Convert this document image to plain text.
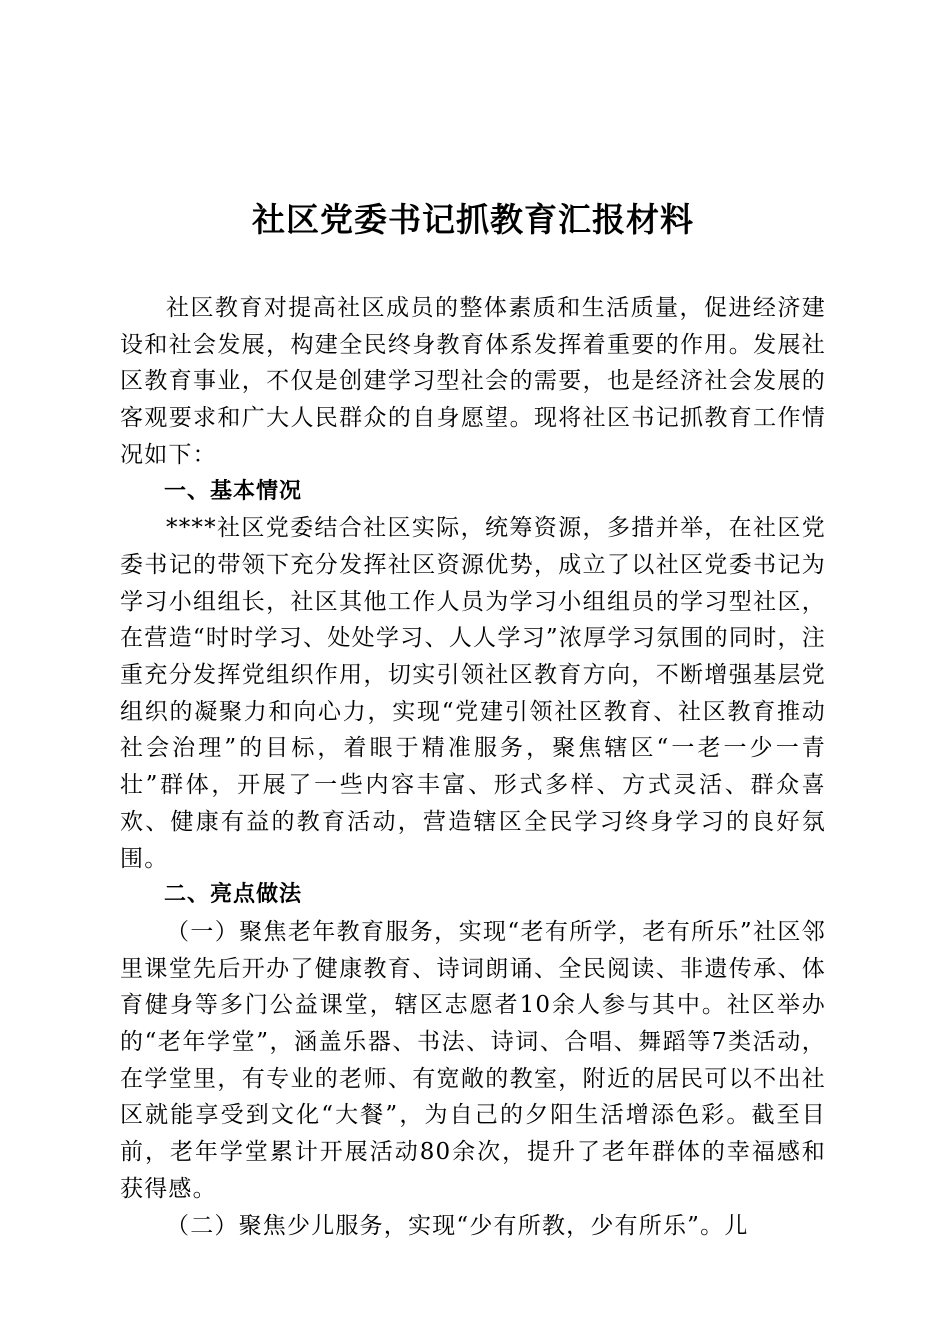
社区党委书记抓教育汇报材料

社区教育对提高社区成员的整体素质和生活质量，促进经济建设和社会发展，构建全民终身教育体系发挥着重要的作用。发展社区教育事业，不仅是创建学习型社会的需要，也是经济社会发展的客观要求和广大人民群众的自身愿望。现将社区书记抓教育工作情况如下：

一、基本情况

****社区党委结合社区实际，统筹资源，多措并举，在社区党委书记的带领下充分发挥社区资源优势，成立了以社区党委书记为学习小组组长，社区其他工作人员为学习小组组员的学习型社区，在营造“时时学习、处处学习、人人学习”浓厚学习氛围的同时，注重充分发挥党组织作用，切实引领社区教育方向，不断增强基层党组织的凝聚力和向心力，实现“党建引领社区教育、社区教育推动社会治理”的目标，着眼于精准服务，聚焦辖区“一老一少一青壮”群体，开展了一些内容丰富、形式多样、方式灵活、群众喜欢、健康有益的教育活动，营造辖区全民学习终身学习的良好氛围。

二、亮点做法

（一）聚焦老年教育服务，实现“老有所学，老有所乐”社区邻里课堂先后开办了健康教育、诗词朗诵、全民阅读、非遗传承、体育健身等多门公益课堂，辖区志愿者10余人参与其中。社区举办的“老年学堂”，涵盖乐器、书法、诗词、合唱、舞蹈等7类活动，在学堂里，有专业的老师、有宽敞的教室，附近的居民可以不出社区就能享受到文化“大餐”，为自己的夕阳生活增添色彩。截至目前，老年学堂累计开展活动80余次，提升了老年群体的幸福感和获得感。

（二）聚焦少儿服务，实现“少有所教，少有所乐”。儿
